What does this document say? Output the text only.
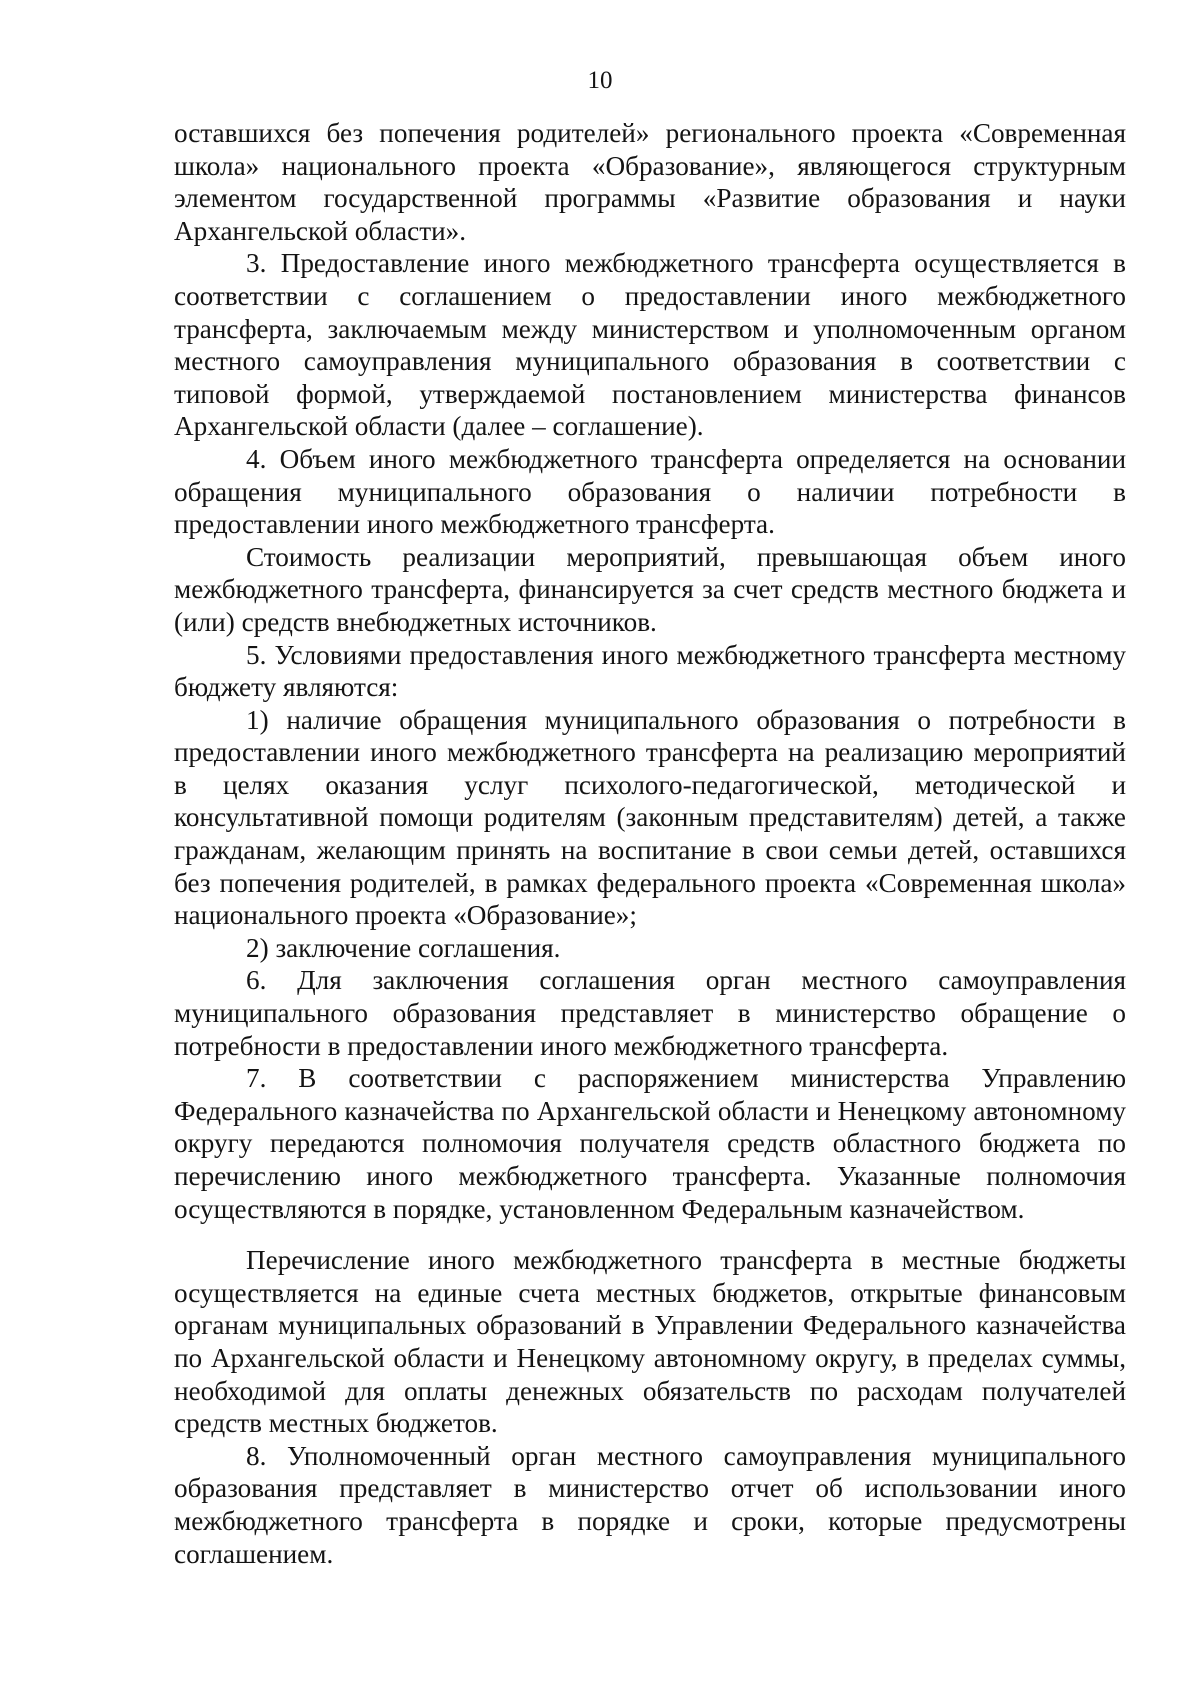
10

оставшихся без попечения родителей» регионального проекта «Современная школа» национального проекта «Образование», являющегося структурным элементом государственной программы «Развитие образования и науки Архангельской области».

3. Предоставление иного межбюджетного трансферта осуществляется в соответствии с соглашением о предоставлении иного межбюджетного трансферта, заключаемым между министерством и уполномоченным органом местного самоуправления муниципального образования в соответствии с типовой формой, утверждаемой постановлением министерства финансов Архангельской области (далее – соглашение).

4. Объем иного межбюджетного трансферта определяется на основании обращения муниципального образования о наличии потребности в предоставлении иного межбюджетного трансферта.

Стоимость реализации мероприятий, превышающая объем иного межбюджетного трансферта, финансируется за счет средств местного бюджета и (или) средств внебюджетных источников.

5. Условиями предоставления иного межбюджетного трансферта местному бюджету являются:

1) наличие обращения муниципального образования о потребности в предоставлении иного межбюджетного трансферта на реализацию мероприятий в целях оказания услуг психолого-педагогической, методической и консультативной помощи родителям (законным представителям) детей, а также гражданам, желающим принять на воспитание в свои семьи детей, оставшихся без попечения родителей, в рамках федерального проекта «Современная школа» национального проекта «Образование»;

2) заключение соглашения.

6. Для заключения соглашения орган местного самоуправления муниципального образования представляет в министерство обращение о потребности в предоставлении иного межбюджетного трансферта.

7. В соответствии с распоряжением министерства Управлению Федерального казначейства по Архангельской области и Ненецкому автономному округу передаются полномочия получателя средств областного бюджета по перечислению иного межбюджетного трансферта. Указанные полномочия осуществляются в порядке, установленном Федеральным казначейством.

Перечисление иного межбюджетного трансферта в местные бюджеты осуществляется на единые счета местных бюджетов, открытые финансовым органам муниципальных образований в Управлении Федерального казначейства по Архангельской области и Ненецкому автономному округу, в пределах суммы, необходимой для оплаты денежных обязательств по расходам получателей средств местных бюджетов.

8. Уполномоченный орган местного самоуправления муниципального образования представляет в министерство отчет об использовании иного межбюджетного трансферта в порядке и сроки, которые предусмотрены соглашением.
